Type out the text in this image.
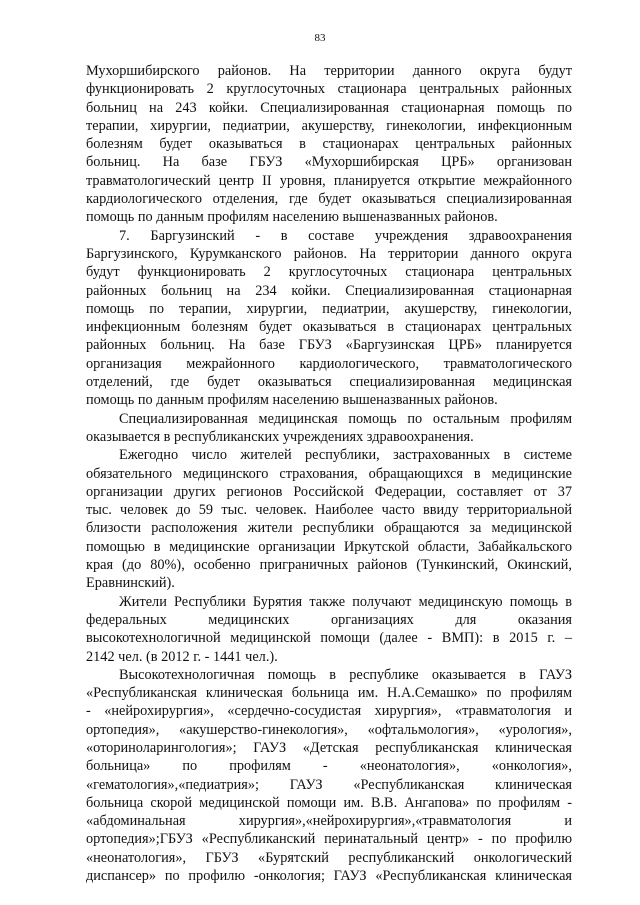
83
Мухоршибирского районов. На территории данного округа будут
функционировать 2 круглосуточных стационара центральных районных
больниц на 243 койки. Специализированная стационарная помощь по
терапии, хирургии, педиатрии, акушерству, гинекологии, инфекционным
болезням будет оказываться в стационарах центральных районных
больниц. На базе ГБУЗ «Мухоршибирская ЦРБ» организован
травматологический центр II уровня, планируется открытие межрайонного
кардиологического отделения, где будет оказываться специализированная
помощь по данным профилям населению вышеназванных районов.
7. Баргузинский - в составе учреждения здравоохранения
Баргузинского, Курумканского районов. На территории данного округа
будут функционировать 2 круглосуточных стационара центральных
районных больниц на 234 койки. Специализированная стационарная
помощь по терапии, хирургии, педиатрии, акушерству, гинекологии,
инфекционным болезням будет оказываться в стационарах центральных
районных больниц. На базе ГБУЗ «Баргузинская ЦРБ» планируется
организация межрайонного кардиологического, травматологического
отделений, где будет оказываться специализированная медицинская
помощь по данным профилям населению вышеназванных районов.
Специализированная медицинская помощь по остальным профилям
оказывается в республиканских учреждениях здравоохранения.
Ежегодно число жителей республики, застрахованных в системе
обязательного медицинского страхования, обращающихся в медицинские
организации других регионов Российской Федерации, составляет от 37
тыс. человек до 59 тыс. человек. Наиболее часто ввиду территориальной
близости расположения жители республики обращаются за медицинской
помощью в медицинские организации Иркутской области, Забайкальского
края (до 80%), особенно приграничных районов (Тункинский, Окинский,
Еравнинский).
Жители Республики Бурятия также получают медицинскую помощь в
федеральных медицинских организациях для оказания
высокотехнологичной медицинской помощи (далее - ВМП): в 2015 г. –
2142 чел. (в 2012 г. - 1441 чел.).
Высокотехнологичная помощь в республике оказывается в ГАУЗ
«Республиканская клиническая больница им. Н.А.Семашко» по профилям
- «нейрохирургия», «сердечно-сосудистая хирургия», «травматология и
ортопедия», «акушерство-гинекология», «офтальмология», «урология»,
«оториноларингология»; ГАУЗ «Детская республиканская клиническая
больница» по профилям - «неонатология», «онкология»,
«гематология»,«педиатрия»; ГАУЗ «Республиканская клиническая
больница скорой медицинской помощи им. В.В. Ангапова» по профилям -
«абдоминальная хирургия»,«нейрохирургия»,«травматология и
ортопедия»;ГБУЗ «Республиканский перинатальный центр» - по профилю
«неонатология», ГБУЗ «Бурятский республиканский онкологический
диспансер» по профилю -онкология; ГАУЗ «Республиканская клиническая
